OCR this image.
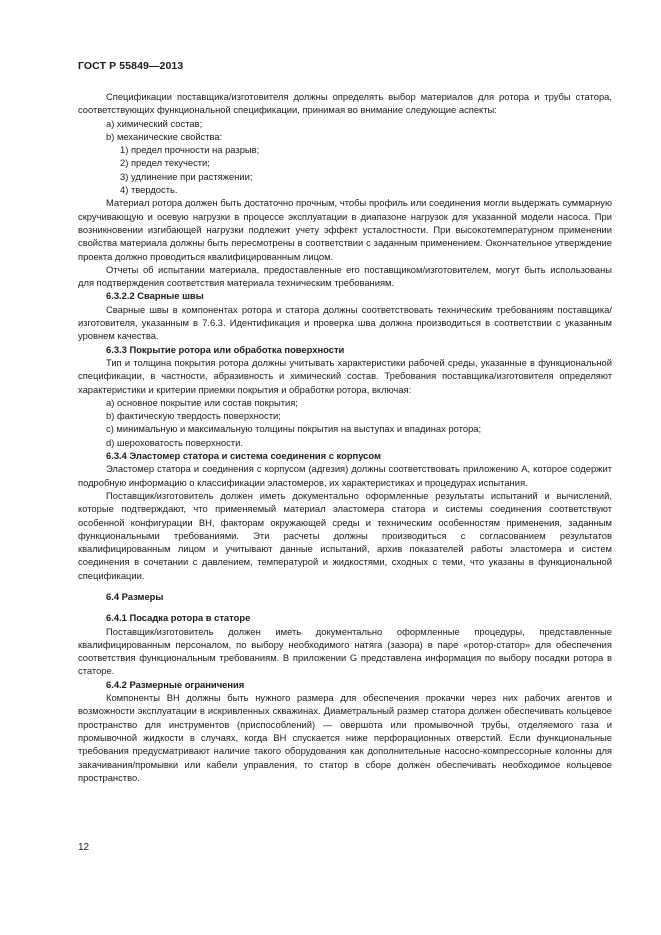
ГОСТ Р 55849—2013

Спецификации поставщика/изготовителя должны определять выбор материалов для ротора и трубы статора, соответствующих функциональной спецификации, принимая во внимание следующие аспекты:

a) химический состав;

b) механические свойства:

1) предел прочности на разрыв;

2) предел текучести;

3) удлинение при растяжении;

4) твердость.

Материал ротора должен быть достаточно прочным, чтобы профиль или соединения могли выдержать суммарную скручивающую и осевую нагрузки в процессе эксплуатации в диапазоне нагрузок для указанной модели насоса. При возникновении изгибающей нагрузки подлежит учету эффект усталостности. При высокотемпературном применении свойства материала должны быть пересмотрены в соответствии с заданным применением. Окончательное утверждение проекта должно проводиться квалифицированным лицом.

Отчеты об испытании материала, предоставленные его поставщиком/изготовителем, могут быть использованы для подтверждения соответствия материала техническим требованиям.

6.3.2.2 Сварные швы

Сварные швы в компонентах ротора и статора должны соответствовать техническим требованиям поставщика/изготовителя, указанным в 7.6.3. Идентификация и проверка шва должна производиться в соответствии с указанным уровнем качества.

6.3.3 Покрытие ротора или обработка поверхности

Тип и толщина покрытия ротора должны учитывать характеристики рабочей среды, указанные в функциональной спецификации, в частности, абразивность и химический состав. Требования поставщика/изготовителя определяют характеристики и критерии приемки покрытия и обработки ротора, включая:

a) основное покрытие или состав покрытия;

b) фактическую твердость поверхности;

c) минимальную и максимальную толщины покрытия на выступах и впадинах ротора;

d) шероховатость поверхности.

6.3.4 Эластомер статора и система соединения с корпусом

Эластомер статора и соединения с корпусом (адгезия) должны соответствовать приложению А, которое содержит подробную информацию о классификации эластомеров, их характеристиках и процедурах испытания.

Поставщик/изготовитель должен иметь документально оформленные результаты испытаний и вычислений, которые подтверждают, что применяемый материал эластомера статора и системы соединения соответствуют особенной конфигурации ВН, факторам окружающей среды и техническим особенностям применения, заданным функциональными требованиями. Эти расчеты должны производиться с согласованием результатов квалифицированным лицом и учитывают данные испытаний, архив показателей работы эластомера и систем соединения в сочетании с давлением, температурой и жидкостями, сходных с теми, что указаны в функциональной спецификации.

6.4 Размеры

6.4.1 Посадка ротора в статоре

Поставщик/изготовитель должен иметь документально оформленные процедуры, представленные квалифицированным персоналом, по выбору необходимого натяга (зазора) в паре «ротор-статор» для обеспечения соответствия функциональным требованиям. В приложении G представлена информация по выбору посадки ротора в статоре.

6.4.2 Размерные ограничения

Компоненты ВН должны быть нужного размера для обеспечения прокачки через них рабочих агентов и возможности эксплуатации в искривленных скважинах. Диаметральный размер статора должен обеспечивать кольцевое пространство для инструментов (приспособлений) — овершота или промывочной трубы, отделяемого газа и промывочной жидкости в случаях, когда ВН спускается ниже перфорационных отверстий. Если функциональные требования предусматривают наличие такого оборудования как дополнительные насосно-компрессорные колонны для закачивания/промывки или кабели управления, то статор в сборе должен обеспечивать необходимое кольцевое пространство.

12
